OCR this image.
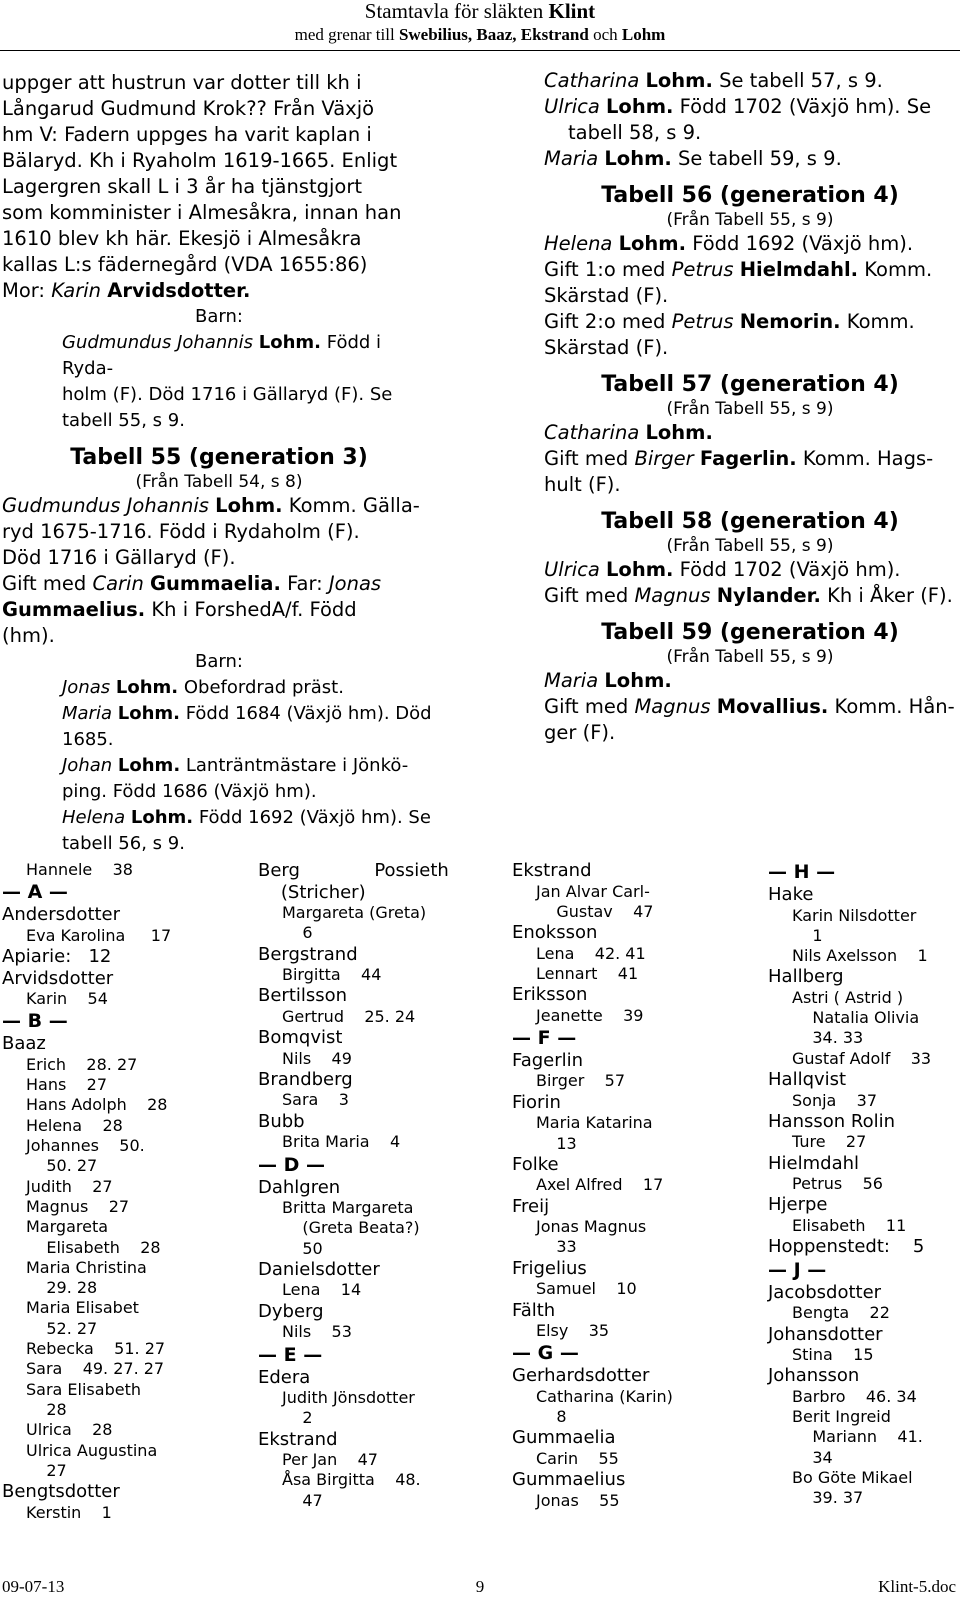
Stamtavla för släkten Klint
med grenar till Swebilius, Baaz, Ekstrand och Lohm

uppger att hustrun var dotter till kh i

Långarud Gudmund Krok?? Från Växjö

hm V: Fadern uppges ha varit kaplan i

Bälaryd. Kh i Ryaholm 1619-1665. Enligt

Lagergren skall L i 3 år ha tjänstgjort

som komminister i Almesåkra, innan han

1610 blev kh här. Ekesjö i Almesåkra

kallas L:s fädernegård (VDA 1655:86)

Mor: Karin Arvidsdotter.

Barn:

Gudmundus Johannis Lohm. Född i Ryda-

holm (F). Död 1716 i Gällaryd (F). Se

tabell 55, s 9.

Tabell 55 (generation 3)

(Från Tabell 54, s 8)

Gudmundus Johannis Lohm. Komm. Gälla-

ryd 1675-1716. Född i Rydaholm (F).

Död 1716 i Gällaryd (F).

Gift med Carin Gummaelia. Far: Jonas

Gummaelius. Kh i ForshedA/f. Född

(hm).

Barn:

Jonas Lohm. Obefordrad präst.

Maria Lohm. Född 1684 (Växjö hm). Död

1685.

Johan Lohm. Lanträntmästare i Jönkö-

ping. Född 1686 (Växjö hm).

Helena Lohm. Född 1692 (Växjö hm). Se

tabell 56, s 9.

Catharina Lohm. Se tabell 57, s 9.

Ulrica Lohm. Född 1702 (Växjö hm). Se

tabell 58, s 9.

Maria Lohm. Se tabell 59, s 9.

Tabell 56 (generation 4)

(Från Tabell 55, s 9)

Helena Lohm. Född 1692 (Växjö hm).

Gift 1:o med Petrus Hielmdahl. Komm.

Skärstad (F).

Gift 2:o med Petrus Nemorin. Komm.

Skärstad (F).

Tabell 57 (generation 4)

(Från Tabell 55, s 9)

Catharina Lohm.

Gift med Birger Fagerlin. Komm. Hags-

hult (F).

Tabell 58 (generation 4)

(Från Tabell 55, s 9)

Ulrica Lohm. Född 1702 (Växjö hm).

Gift med Magnus Nylander. Kh i Åker (F).

Tabell 59 (generation 4)

(Från Tabell 55, s 9)

Maria Lohm.

Gift med Magnus Movallius. Komm. Hån-

ger (F).

Hannele    38
— A —
Andersdotter
Eva Karolina     17
Apiarie:   12
Arvidsdotter
Karin    54
— B —
Baaz
Erich    28. 27
Hans    27
Hans Adolph    28
Helena    28
Johannes    50.
50. 27
Judith    27
Magnus    27
Margareta
Elisabeth    28
Maria Christina
29. 28
Maria Elisabet
52. 27
Rebecka    51. 27
Sara    49. 27. 27
Sara Elisabeth
28
Ulrica    28
Ulrica Augustina
27
Bengtsdotter
Kerstin    1
Berg             Possieth
(Stricher)
Margareta (Greta)
6
Bergstrand
Birgitta    44
Bertilsson
Gertrud    25. 24
Bomqvist
Nils    49
Brandberg
Sara    3
Bubb
Brita Maria    4
— D —
Dahlgren
Britta Margareta
(Greta Beata?)
50
Danielsdotter
Lena    14
Dyberg
Nils    53
— E —
Edera
Judith Jönsdotter
2
Ekstrand
Per Jan    47
Åsa Birgitta    48.
47
Ekstrand
Jan Alvar Carl-
Gustav    47
Enoksson
Lena    42. 41
Lennart    41
Eriksson
Jeanette    39
— F —
Fagerlin
Birger    57
Fiorin
Maria Katarina
13
Folke
Axel Alfred    17
Freij
Jonas Magnus
33
Frigelius
Samuel    10
Fälth
Elsy    35
— G —
Gerhardsdotter
Catharina (Karin)
8
Gummaelia
Carin    55
Gummaelius
Jonas    55
— H —
Hake
Karin Nilsdotter
1
Nils Axelsson    1
Hallberg
Astri ( Astrid )
Natalia Olivia
34. 33
Gustaf Adolf    33
Hallqvist
Sonja    37
Hansson Rolin
Ture    27
Hielmdahl
Petrus    56
Hjerpe
Elisabeth    11
Hoppenstedt:    5
— J —
Jacobsdotter
Bengta    22
Johansdotter
Stina    15
Johansson
Barbro    46. 34
Berit Ingreid
Mariann    41.
34
Bo Göte Mikael
39. 37
09-07-13	9	Klint-5.doc
